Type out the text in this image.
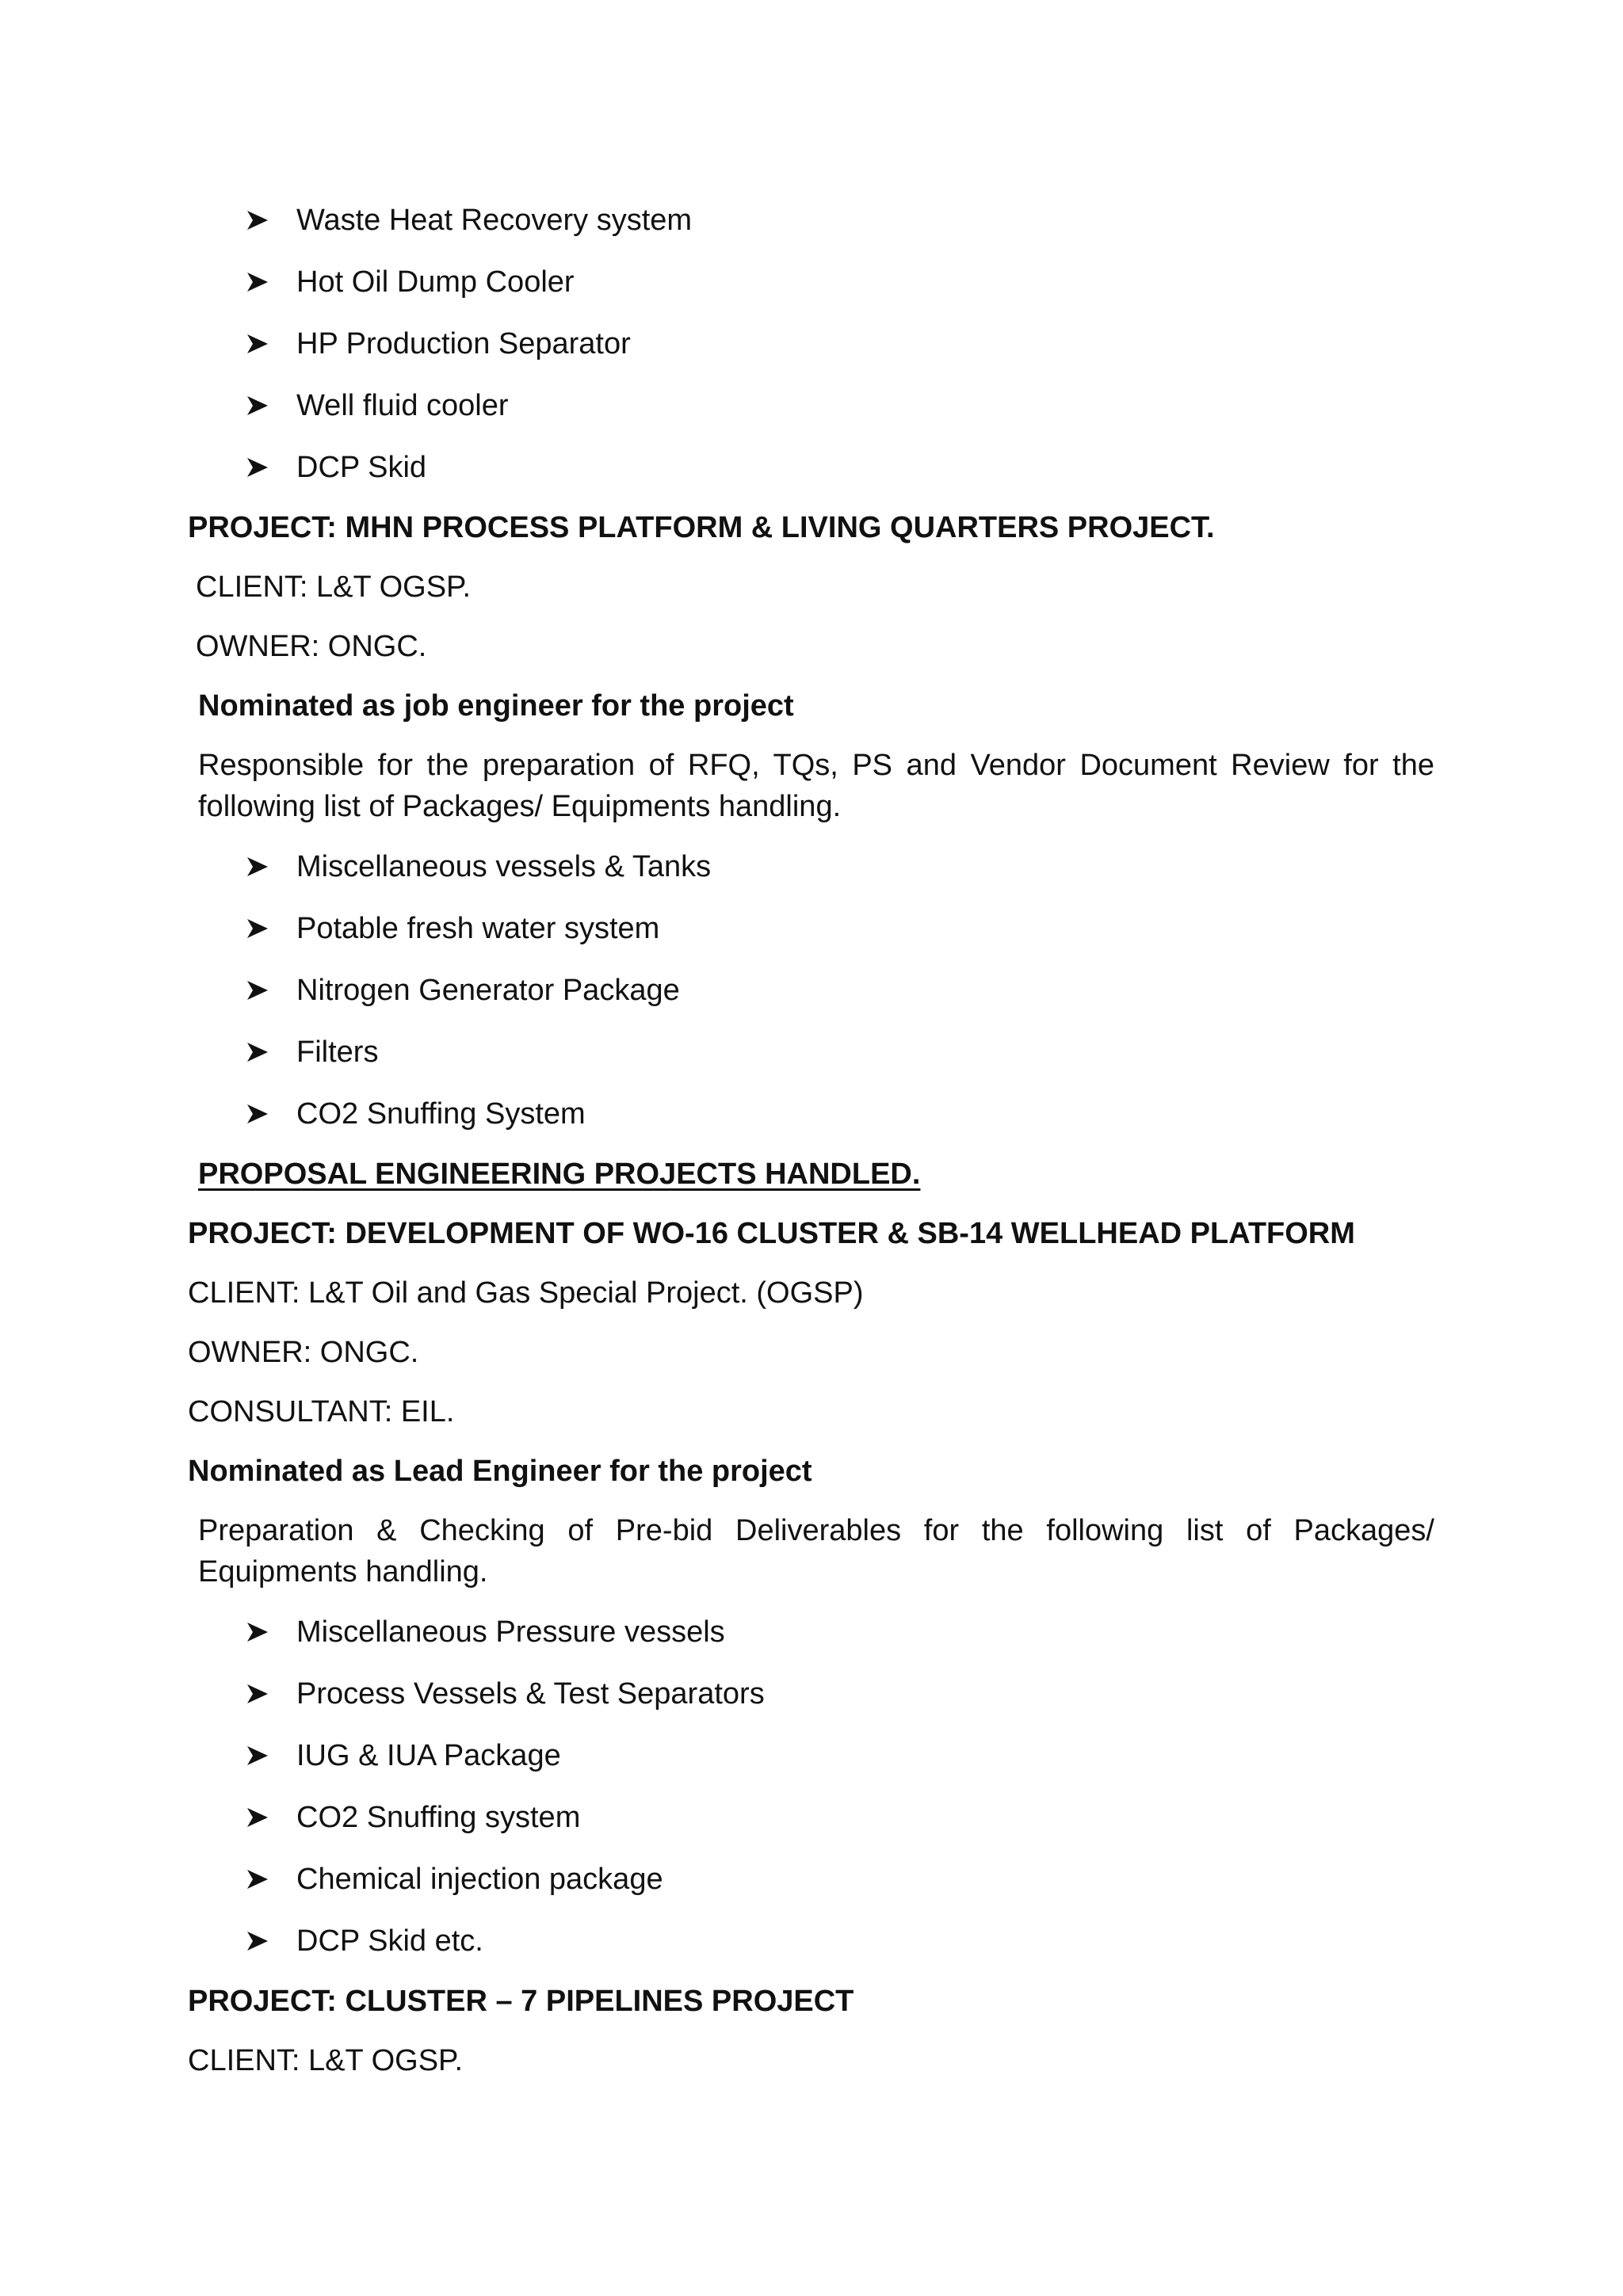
Waste Heat Recovery system
Hot Oil Dump Cooler
HP Production Separator
Well fluid cooler
DCP Skid
PROJECT: MHN PROCESS PLATFORM & LIVING QUARTERS PROJECT.
CLIENT: L&T OGSP.
OWNER: ONGC.
Nominated as job engineer for the project
Responsible for the preparation of RFQ, TQs, PS and Vendor Document Review for the following list of Packages/ Equipments handling.
Miscellaneous vessels & Tanks
Potable fresh water system
Nitrogen Generator Package
Filters
CO2 Snuffing System
PROPOSAL ENGINEERING PROJECTS HANDLED.
PROJECT: DEVELOPMENT OF WO-16 CLUSTER & SB-14 WELLHEAD PLATFORM
CLIENT: L&T Oil and Gas Special Project. (OGSP)
OWNER: ONGC.
CONSULTANT: EIL.
Nominated as Lead Engineer for the project
Preparation & Checking of Pre-bid Deliverables for the following list of Packages/ Equipments handling.
Miscellaneous Pressure vessels
Process Vessels & Test Separators
IUG & IUA Package
CO2 Snuffing system
Chemical injection package
DCP Skid etc.
PROJECT: CLUSTER – 7 PIPELINES PROJECT
CLIENT: L&T OGSP.
